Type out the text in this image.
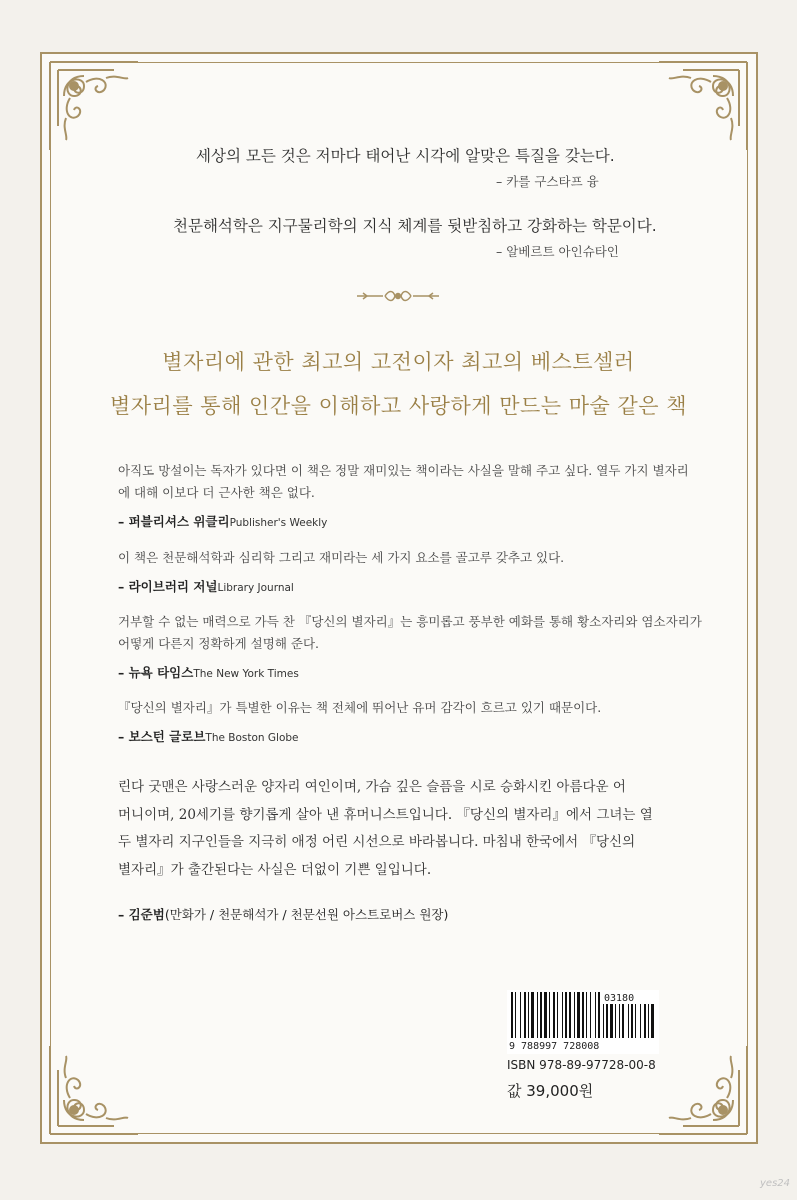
세상의 모든 것은 저마다 태어난 시각에 알맞은 특질을 갖는다.
– 카를 구스타프 융
천문해석학은 지구물리학의 지식 체계를 뒷받침하고 강화하는 학문이다.
– 알베르트 아인슈타인
별자리에 관한 최고의 고전이자 최고의 베스트셀러
별자리를 통해 인간을 이해하고 사랑하게 만드는 마술 같은 책
아직도 망설이는 독자가 있다면 이 책은 정말 재미있는 책이라는 사실을 말해 주고 싶다. 열두 가지 별자리
에 대해 이보다 더 근사한 책은 없다.
– 퍼블리셔스 위클리Publisher's Weekly
이 책은 천문해석학과 심리학 그리고 재미라는 세 가지 요소를 골고루 갖추고 있다.
– 라이브러리 저널Library Journal
거부할 수 없는 매력으로 가득 찬 『당신의 별자리』는 흥미롭고 풍부한 예화를 통해 황소자리와 염소자리가
어떻게 다른지 정확하게 설명해 준다.
– 뉴욕 타임스The New York Times
『당신의 별자리』가 특별한 이유는 책 전체에 뛰어난 유머 감각이 흐르고 있기 때문이다.
– 보스턴 글로브The Boston Globe
린다 굿맨은 사랑스러운 양자리 여인이며, 가슴 깊은 슬픔을 시로 승화시킨 아름다운 어
머니이며, 20세기를 향기롭게 살아 낸 휴머니스트입니다. 『당신의 별자리』에서 그녀는 열
두 별자리 지구인들을 지극히 애정 어린 시선으로 바라봅니다. 마침내 한국에서 『당신의
별자리』가 출간된다는 사실은 더없이 기쁜 일입니다.
– 김준범(만화가 / 천문해석가 / 천문선원 아스트로버스 원장)
03180
9 788997 728008
ISBN 978-89-97728-00-8
값 39,000원
yes24
